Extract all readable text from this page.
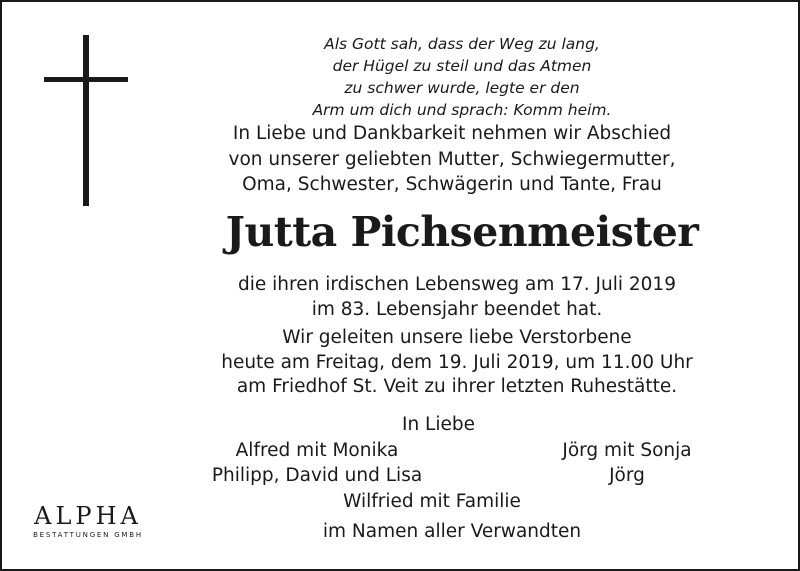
Als Gott sah, dass der Weg zu lang,
der Hügel zu steil und das Atmen
zu schwer wurde, legte er den
Arm um dich und sprach: Komm heim.
In Liebe und Dankbarkeit nehmen wir Abschied
von unserer geliebten Mutter, Schwiegermutter,
Oma, Schwester, Schwägerin und Tante, Frau
Jutta Pichsenmeister

die ihren irdischen Lebensweg am 17. Juli 2019

im 83. Lebensjahr beendet hat.

Wir geleiten unsere liebe Verstorbene

heute am Freitag, dem 19. Juli 2019, um 11.00 Uhr

am Friedhof St. Veit zu ihrer letzten Ruhestätte.

In Liebe
Alfred mit Monika
Philipp, David und Lisa
Jörg mit Sonja
Jörg
Wilfried mit Familie
im Namen aller Verwandten
ALPHA
BESTATTUNGEN GMBH
